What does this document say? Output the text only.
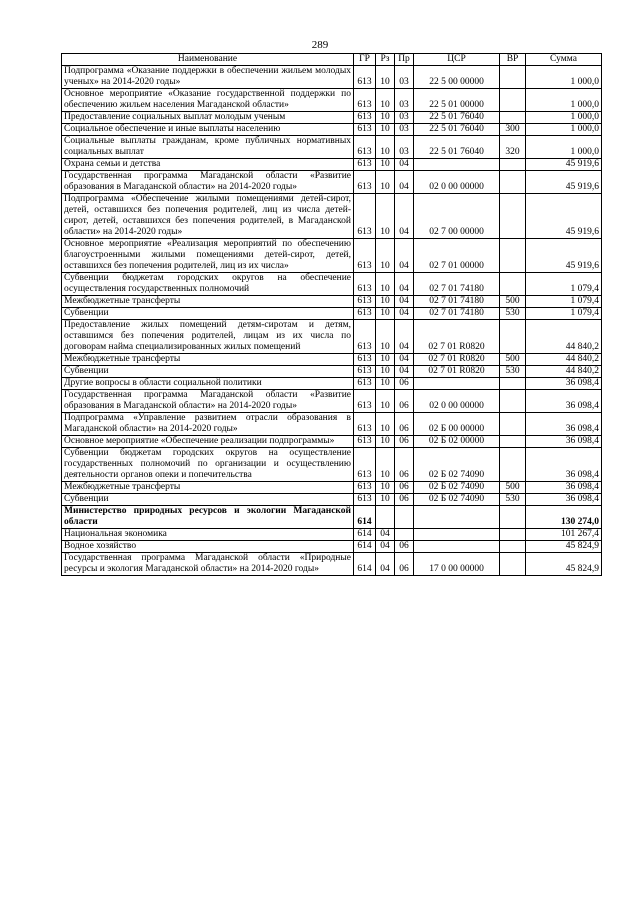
289
Наименование	ГР	Рз	Пр	ЦСР	ВР	Сумма
Подпрограмма «Оказание поддержки в обеспечении жильем молодых ученых» на 2014-2020 годы»	613	10	03	22 5 00 00000		1 000,0
Основное мероприятие «Оказание государственной поддержки по обеспечению жильем населения Магаданской области»	613	10	03	22 5 01 00000		1 000,0
Предоставление социальных выплат молодым ученым	613	10	03	22 5 01 76040		1 000,0
Социальное обеспечение и иные выплаты населению	613	10	03	22 5 01 76040	300	1 000,0
Социальные выплаты гражданам, кроме публичных нормативных социальных выплат	613	10	03	22 5 01 76040	320	1 000,0
Охрана семьи и детства	613	10	04			45 919,6
Государственная программа Магаданской области «Развитие образования в Магаданской области» на 2014-2020 годы»	613	10	04	02 0 00 00000		45 919,6
Подпрограмма «Обеспечение жилыми помещениями детей-сирот, детей, оставшихся без попечения родителей, лиц из числа детей-сирот, детей, оставшихся без попечения родителей, в Магаданской области» на 2014-2020 годы»	613	10	04	02 7 00 00000		45 919,6
Основное мероприятие «Реализация мероприятий по обеспечению благоустроенными жилыми помещениями детей-сирот, детей, оставшихся без попечения родителей, лиц из их числа»	613	10	04	02 7 01 00000		45 919,6
Субвенции бюджетам городских округов на обеспечение осуществления государственных полномочий	613	10	04	02 7 01 74180		1 079,4
Межбюджетные трансферты	613	10	04	02 7 01 74180	500	1 079,4
Субвенции	613	10	04	02 7 01 74180	530	1 079,4
Предоставление жилых помещений детям-сиротам и детям, оставшимся без попечения родителей, лицам из их числа по договорам найма специализированных жилых помещений	613	10	04	02 7 01 R0820		44 840,2
Межбюджетные трансферты	613	10	04	02 7 01 R0820	500	44 840,2
Субвенции	613	10	04	02 7 01 R0820	530	44 840,2
Другие вопросы в области социальной политики	613	10	06			36 098,4
Государственная программа Магаданской области «Развитие образования в Магаданской области» на 2014-2020 годы»	613	10	06	02 0 00 00000		36 098,4
Подпрограмма «Управление развитием отрасли образования в Магаданской области» на 2014-2020 годы»	613	10	06	02 Б 00 00000		36 098,4
Основное мероприятие «Обеспечение реализации подпрограммы»	613	10	06	02 Б 02 00000		36 098,4
Субвенции бюджетам городских округов на осуществление государственных полномочий по организации и осуществлению деятельности органов опеки и попечительства	613	10	06	02 Б 02 74090		36 098,4
Межбюджетные трансферты	613	10	06	02 Б 02 74090	500	36 098,4
Субвенции	613	10	06	02 Б 02 74090	530	36 098,4
Министерство природных ресурсов и экологии Магаданской области	614					130 274,0
Национальная экономика	614	04				101 267,4
Водное хозяйство	614	04	06			45 824,9
Государственная программа Магаданской области «Природные ресурсы и экология Магаданской области» на 2014-2020 годы»	614	04	06	17 0 00 00000		45 824,9
